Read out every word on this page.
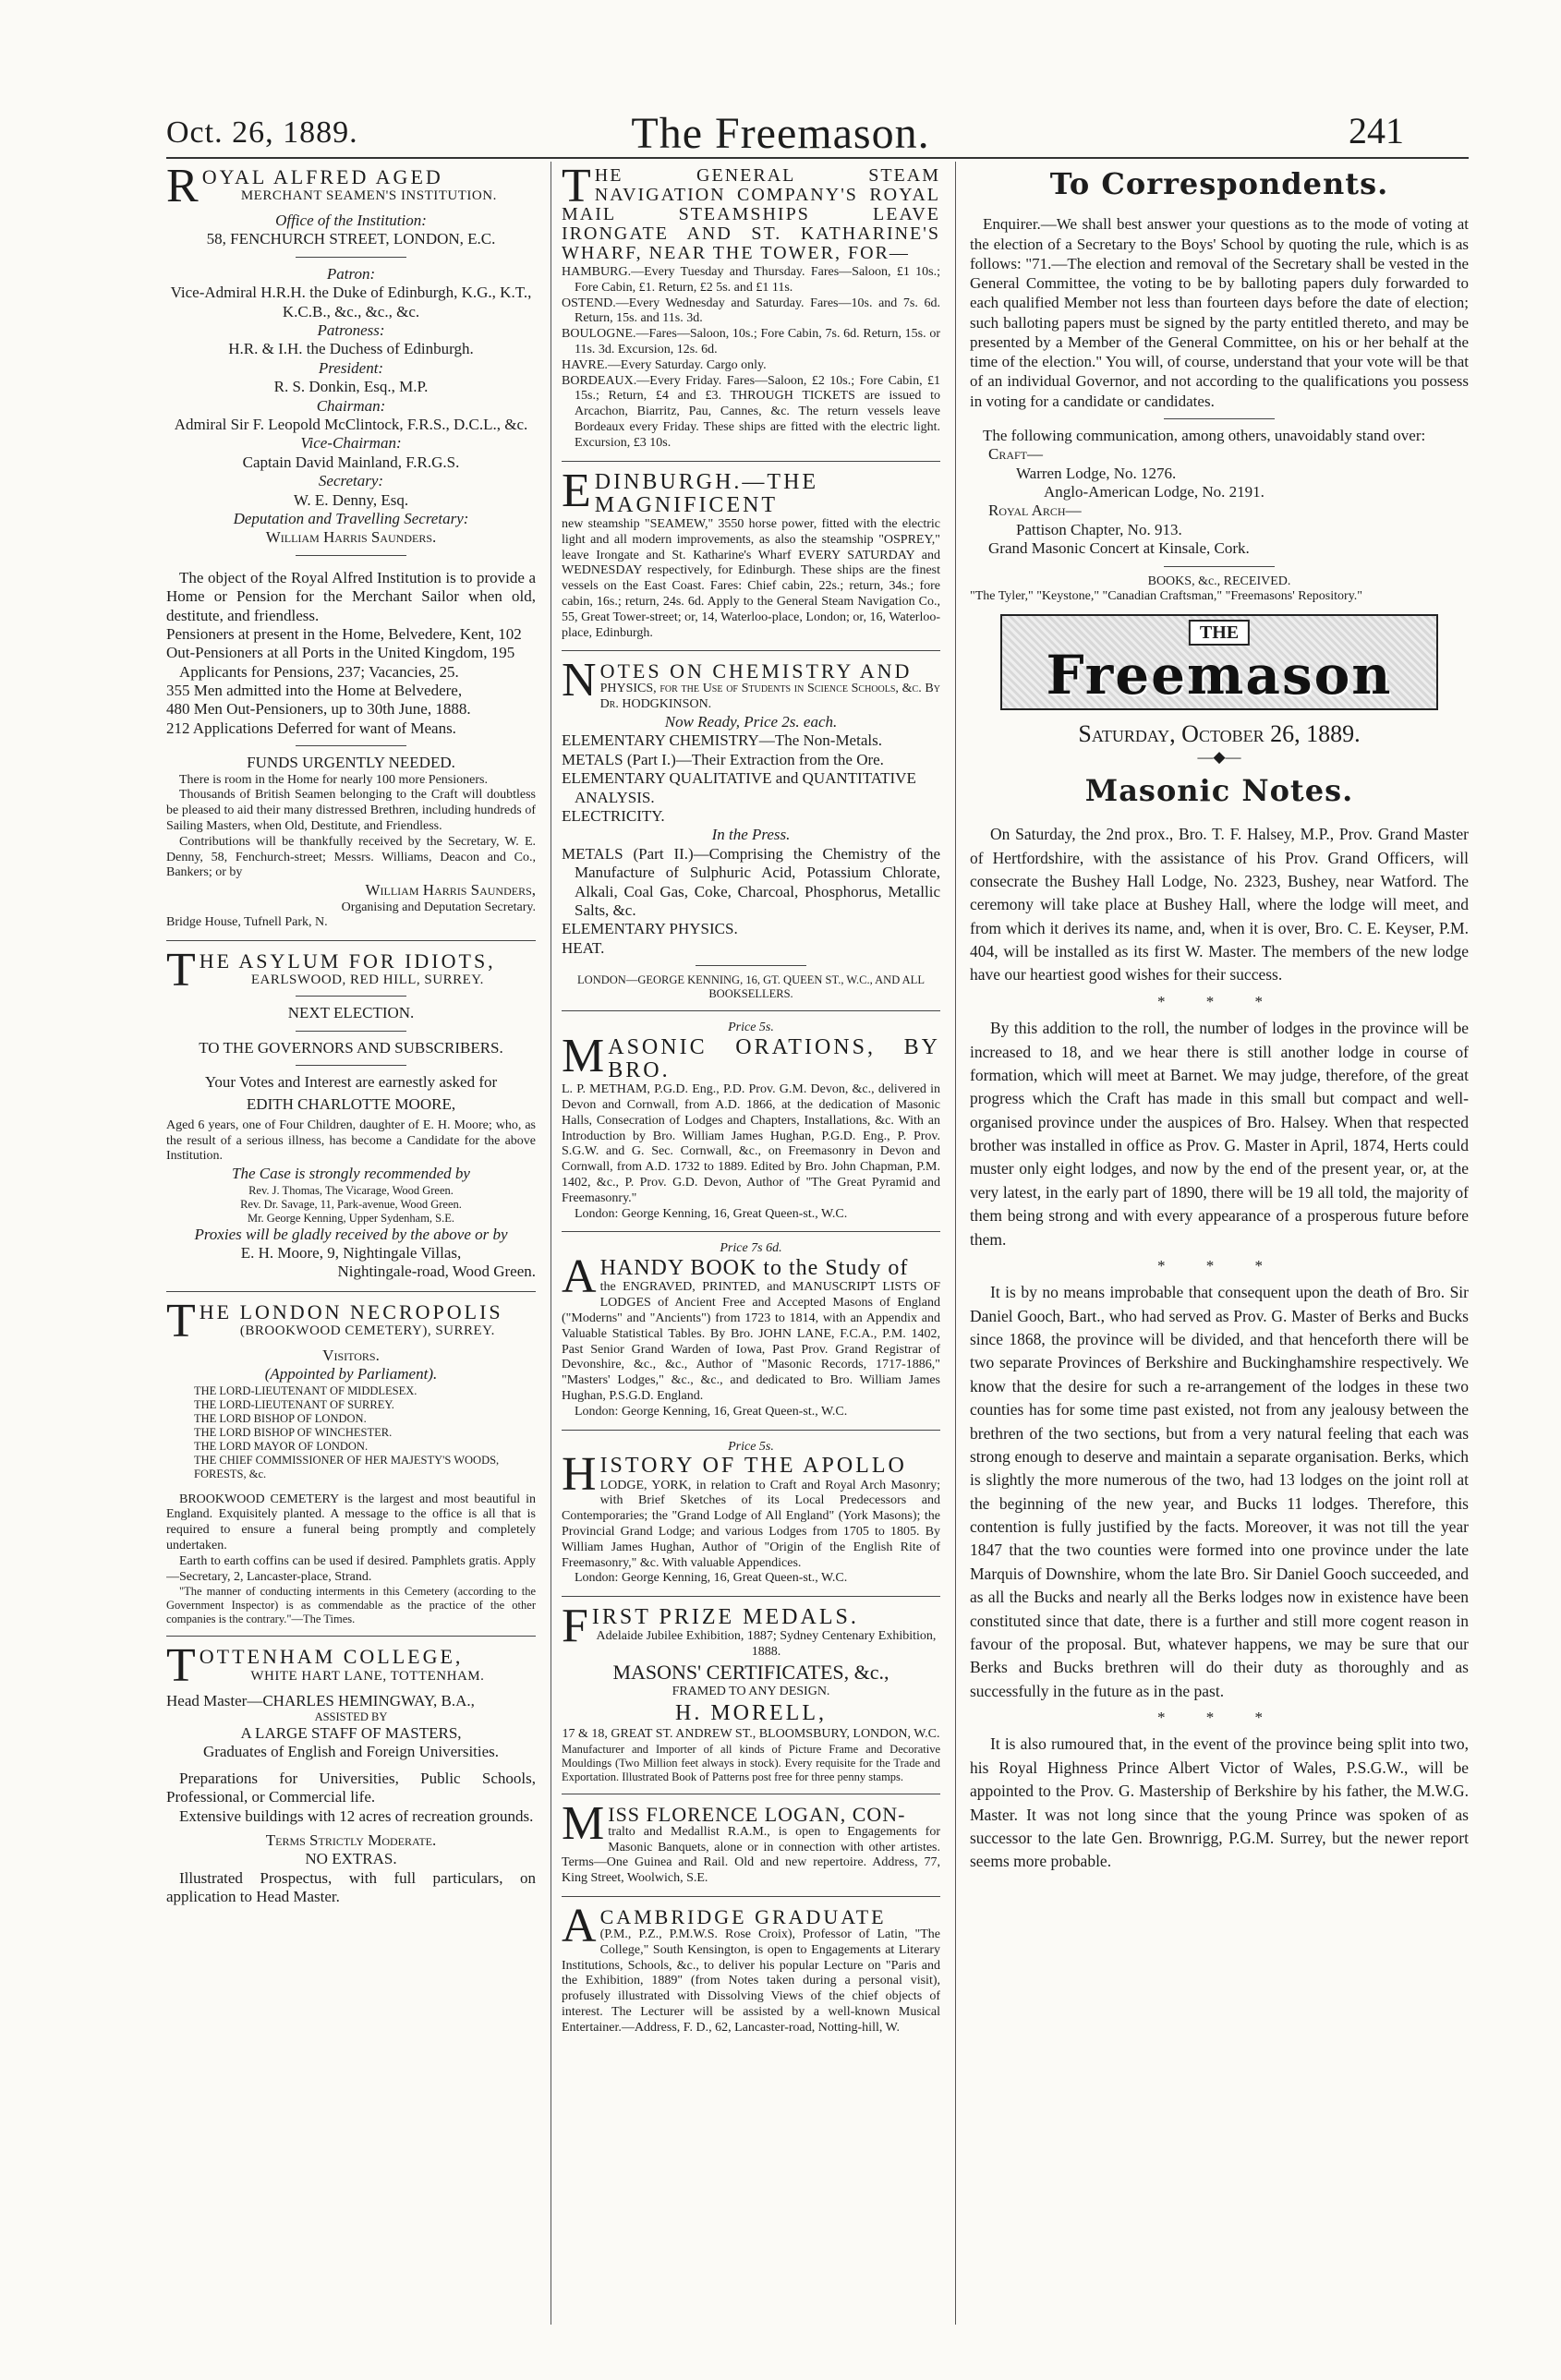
Oct. 26, 1889.	The Freemason.	241
ROYAL ALFRED AGED

MERCHANT SEAMEN'S INSTITUTION.

Office of the Institution:

58, FENCHURCH STREET, LONDON, E.C.

Patron:

Vice-Admiral H.R.H. the Duke of Edinburgh, K.G., K.T., K.C.B., &c., &c., &c.

Patroness:

H.R. & I.H. the Duchess of Edinburgh.

President:

R. S. Donkin, Esq., M.P.

Chairman:

Admiral Sir F. Leopold McClintock, F.R.S., D.C.L., &c.

Vice-Chairman:

Captain David Mainland, F.R.G.S.

Secretary:

W. E. Denny, Esq.

Deputation and Travelling Secretary:

William Harris Saunders.

The object of the Royal Alfred Institution is to provide a Home or Pension for the Merchant Sailor when old, destitute, and friendless.

Pensioners at present in the Home, Belvedere, Kent, 102

Out-Pensioners at all Ports in the United Kingdom, 195

Applicants for Pensions, 237; Vacancies, 25.

355 Men admitted into the Home at Belvedere,

480 Men Out-Pensioners, up to 30th June, 1888.

212 Applications Deferred for want of Means.

FUNDS URGENTLY NEEDED.

There is room in the Home for nearly 100 more Pensioners.

Thousands of British Seamen belonging to the Craft will doubtless be pleased to aid their many distressed Brethren, including hundreds of Sailing Masters, when Old, Destitute, and Friendless.

Contributions will be thankfully received by the Secretary, W. E. Denny, 58, Fenchurch-street; Messrs. Williams, Deacon and Co., Bankers; or by

William Harris Saunders,

Organising and Deputation Secretary.

Bridge House, Tufnell Park, N.

THE ASYLUM FOR IDIOTS,

EARLSWOOD, RED HILL, SURREY.

NEXT ELECTION.

TO THE GOVERNORS AND SUBSCRIBERS.

Your Votes and Interest are earnestly asked for

EDITH CHARLOTTE MOORE,

Aged 6 years, one of Four Children, daughter of E. H. Moore; who, as the result of a serious illness, has become a Candidate for the above Institution.

The Case is strongly recommended by

Rev. J. Thomas, The Vicarage, Wood Green.

Rev. Dr. Savage, 11, Park-avenue, Wood Green.

Mr. George Kenning, Upper Sydenham, S.E.

Proxies will be gladly received by the above or by

E. H. Moore, 9, Nightingale Villas,

Nightingale-road, Wood Green.

THE LONDON NECROPOLIS

(BROOKWOOD CEMETERY), SURREY.

Visitors.

(Appointed by Parliament).

THE LORD-LIEUTENANT OF MIDDLESEX.

THE LORD-LIEUTENANT OF SURREY.

THE LORD BISHOP OF LONDON.

THE LORD BISHOP OF WINCHESTER.

THE LORD MAYOR OF LONDON.

THE CHIEF COMMISSIONER OF HER MAJESTY'S WOODS, FORESTS, &c.

BROOKWOOD CEMETERY is the largest and most beautiful in England. Exquisitely planted. A message to the office is all that is required to ensure a funeral being promptly and completely undertaken.

Earth to earth coffins can be used if desired. Pamphlets gratis. Apply—Secretary, 2, Lancaster-place, Strand.

"The manner of conducting interments in this Cemetery (according to the Government Inspector) is as commendable as the practice of the other companies is the contrary."—The Times.

TOTTENHAM COLLEGE,

WHITE HART LANE, TOTTENHAM.

Head Master—CHARLES HEMINGWAY, B.A.,

ASSISTED BY

A LARGE STAFF OF MASTERS,

Graduates of English and Foreign Universities.

Preparations for Universities, Public Schools, Professional, or Commercial life.

Extensive buildings with 12 acres of recreation grounds.

Terms Strictly Moderate.

NO EXTRAS.

Illustrated Prospectus, with full particulars, on application to Head Master.

THE GENERAL STEAM NAVIGATION COMPANY'S ROYAL MAIL STEAMSHIPS LEAVE IRONGATE AND ST. KATHARINE'S WHARF, NEAR THE TOWER, FOR—

HAMBURG.—Every Tuesday and Thursday. Fares—Saloon, £1 10s.; Fore Cabin, £1. Return, £2 5s. and £1 11s.

OSTEND.—Every Wednesday and Saturday. Fares—10s. and 7s. 6d. Return, 15s. and 11s. 3d.

BOULOGNE.—Fares—Saloon, 10s.; Fore Cabin, 7s. 6d. Return, 15s. or 11s. 3d. Excursion, 12s. 6d.

HAVRE.—Every Saturday. Cargo only.

BORDEAUX.—Every Friday. Fares—Saloon, £2 10s.; Fore Cabin, £1 15s.; Return, £4 and £3. THROUGH TICKETS are issued to Arcachon, Biarritz, Pau, Cannes, &c. The return vessels leave Bordeaux every Friday. These ships are fitted with the electric light. Excursion, £3 10s.

EDINBURGH.—THE MAGNIFICENT

new steamship "SEAMEW," 3550 horse power, fitted with the electric light and all modern improvements, as also the steamship "OSPREY," leave Irongate and St. Katharine's Wharf EVERY SATURDAY and WEDNESDAY respectively, for Edinburgh. These ships are the finest vessels on the East Coast. Fares: Chief cabin, 22s.; return, 34s.; fore cabin, 16s.; return, 24s. 6d. Apply to the General Steam Navigation Co., 55, Great Tower-street; or, 14, Waterloo-place, London; or, 16, Waterloo-place, Edinburgh.

NOTES ON CHEMISTRY AND

PHYSICS, for the Use of Students in Science Schools, &c. By Dr. HODGKINSON.

Now Ready, Price 2s. each.

ELEMENTARY CHEMISTRY—The Non-Metals.

METALS (Part I.)—Their Extraction from the Ore.

ELEMENTARY QUALITATIVE and QUANTITATIVE ANALYSIS.

ELECTRICITY.

In the Press.

METALS (Part II.)—Comprising the Chemistry of the Manufacture of Sulphuric Acid, Potassium Chlorate, Alkali, Coal Gas, Coke, Charcoal, Phosphorus, Metallic Salts, &c.

ELEMENTARY PHYSICS.

HEAT.

LONDON—GEORGE KENNING, 16, GT. QUEEN ST., W.C., AND ALL BOOKSELLERS.

Price 5s.

MASONIC ORATIONS, BY BRO.

L. P. METHAM, P.G.D. Eng., P.D. Prov. G.M. Devon, &c., delivered in Devon and Cornwall, from A.D. 1866, at the dedication of Masonic Halls, Consecration of Lodges and Chapters, Installations, &c. With an Introduction by Bro. William James Hughan, P.G.D. Eng., P. Prov. S.G.W. and G. Sec. Cornwall, &c., on Freemasonry in Devon and Cornwall, from A.D. 1732 to 1889. Edited by Bro. John Chapman, P.M. 1402, &c., P. Prov. G.D. Devon, Author of "The Great Pyramid and Freemasonry."

London: George Kenning, 16, Great Queen-st., W.C.

Price 7s 6d.

AHANDY BOOK to the Study of

the ENGRAVED, PRINTED, and MANUSCRIPT LISTS OF LODGES of Ancient Free and Accepted Masons of England ("Moderns" and "Ancients") from 1723 to 1814, with an Appendix and Valuable Statistical Tables. By Bro. JOHN LANE, F.C.A., P.M. 1402, Past Senior Grand Warden of Iowa, Past Prov. Grand Registrar of Devonshire, &c., &c., Author of "Masonic Records, 1717-1886," "Masters' Lodges," &c., &c., and dedicated to Bro. William James Hughan, P.S.G.D. England.

London: George Kenning, 16, Great Queen-st., W.C.

Price 5s.

HISTORY OF THE APOLLO

LODGE, YORK, in relation to Craft and Royal Arch Masonry; with Brief Sketches of its Local Predecessors and Contemporaries; the "Grand Lodge of All England" (York Masons); the Provincial Grand Lodge; and various Lodges from 1705 to 1805. By William James Hughan, Author of "Origin of the English Rite of Freemasonry," &c. With valuable Appendices.

London: George Kenning, 16, Great Queen-st., W.C.

FIRST PRIZE MEDALS.

Adelaide Jubilee Exhibition, 1887; Sydney Centenary Exhibition, 1888.

MASONS' CERTIFICATES, &c.,

FRAMED TO ANY DESIGN.

H. MORELL,

17 & 18, GREAT ST. ANDREW ST., BLOOMSBURY, LONDON, W.C.

Manufacturer and Importer of all kinds of Picture Frame and Decorative Mouldings (Two Million feet always in stock). Every requisite for the Trade and Exportation. Illustrated Book of Patterns post free for three penny stamps.

MISS FLORENCE LOGAN, CON-

tralto and Medallist R.A.M., is open to Engagements for Masonic Banquets, alone or in connection with other artistes. Terms—One Guinea and Rail. Old and new repertoire. Address, 77, King Street, Woolwich, S.E.

ACAMBRIDGE GRADUATE

(P.M., P.Z., P.M.W.S. Rose Croix), Professor of Latin, "The College," South Kensington, is open to Engagements at Literary Institutions, Schools, &c., to deliver his popular Lecture on "Paris and the Exhibition, 1889" (from Notes taken during a personal visit), profusely illustrated with Dissolving Views of the chief objects of interest. The Lecturer will be assisted by a well-known Musical Entertainer.—Address, F. D., 62, Lancaster-road, Notting-hill, W.

To Correspondents.

Enquirer.—We shall best answer your questions as to the mode of voting at the election of a Secretary to the Boys' School by quoting the rule, which is as follows: "71.—The election and removal of the Secretary shall be vested in the General Committee, the voting to be by balloting papers duly forwarded to each qualified Member not less than fourteen days before the date of election; such balloting papers must be signed by the party entitled thereto, and may be presented by a Member of the General Committee, on his or her behalf at the time of the election." You will, of course, understand that your vote will be that of an individual Governor, and not according to the qualifications you possess in voting for a candidate or candidates.

The following communication, among others, unavoidably stand over:

Craft—

Warren Lodge, No. 1276.

Anglo-American Lodge, No. 2191.

Royal Arch—

Pattison Chapter, No. 913.

Grand Masonic Concert at Kinsale, Cork.

BOOKS, &c., RECEIVED.

"The Tyler," "Keystone," "Canadian Craftsman," "Freemasons' Repository."

THE
Freemason

Saturday, October 26, 1889.

—◆—

Masonic Notes.

On Saturday, the 2nd prox., Bro. T. F. Halsey, M.P., Prov. Grand Master of Hertfordshire, with the assistance of his Prov. Grand Officers, will consecrate the Bushey Hall Lodge, No. 2323, Bushey, near Watford. The ceremony will take place at Bushey Hall, where the lodge will meet, and from which it derives its name, and, when it is over, Bro. C. E. Keyser, P.M. 404, will be installed as its first W. Master. The members of the new lodge have our heartiest good wishes for their success.

* * *

By this addition to the roll, the number of lodges in the province will be increased to 18, and we hear there is still another lodge in course of formation, which will meet at Barnet. We may judge, therefore, of the great progress which the Craft has made in this small but compact and well-organised province under the auspices of Bro. Halsey. When that respected brother was installed in office as Prov. G. Master in April, 1874, Herts could muster only eight lodges, and now by the end of the present year, or, at the very latest, in the early part of 1890, there will be 19 all told, the majority of them being strong and with every appearance of a prosperous future before them.

* * *

It is by no means improbable that consequent upon the death of Bro. Sir Daniel Gooch, Bart., who had served as Prov. G. Master of Berks and Bucks since 1868, the province will be divided, and that henceforth there will be two separate Provinces of Berkshire and Buckinghamshire respectively. We know that the desire for such a re-arrangement of the lodges in these two counties has for some time past existed, not from any jealousy between the brethren of the two sections, but from a very natural feeling that each was strong enough to deserve and maintain a separate organisation. Berks, which is slightly the more numerous of the two, had 13 lodges on the joint roll at the beginning of the new year, and Bucks 11 lodges. Therefore, this contention is fully justified by the facts. Moreover, it was not till the year 1847 that the two counties were formed into one province under the late Marquis of Downshire, whom the late Bro. Sir Daniel Gooch succeeded, and as all the Bucks and nearly all the Berks lodges now in existence have been constituted since that date, there is a further and still more cogent reason in favour of the proposal. But, whatever happens, we may be sure that our Berks and Bucks brethren will do their duty as thoroughly and as successfully in the future as in the past.

* * *

It is also rumoured that, in the event of the province being split into two, his Royal Highness Prince Albert Victor of Wales, P.S.G.W., will be appointed to the Prov. G. Mastership of Berkshire by his father, the M.W.G. Master. It was not long since that the young Prince was spoken of as successor to the late Gen. Brownrigg, P.G.M. Surrey, but the newer report seems more probable.
